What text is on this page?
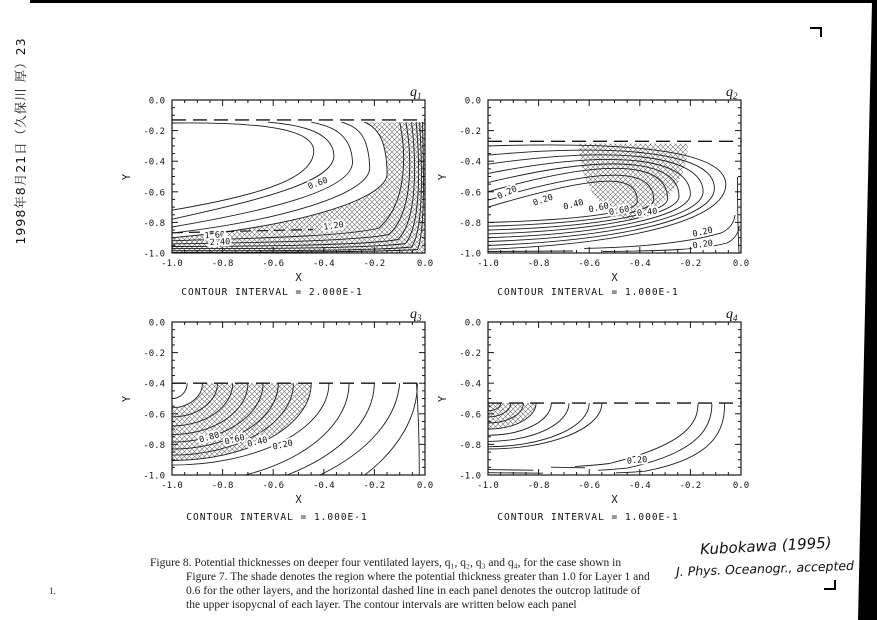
1998年8月21日（久保川 厚）23
Kubokawa (1995)
J. Phys. Oceanogr., accepted
1.
0.0
-0.2
-0.4
-0.6
-0.8
-1.0
-1.0	-0.8	-0.6	-0.4	-0.2	0.0
Y
X
$q_1$
0.60
1.20
1.60
2.40
CONTOUR INTERVAL = 2.000E-1
0.0
-0.2
-0.4
-0.6
-0.8
-1.0
-1.0	-0.8	-0.6	-0.4	-0.2	0.0
Y
X
$q_2$
0.20 0.20 0.40 0.60
0.60 0.40
0.20
0.20
CONTOUR INTERVAL = 1.000E-1
0.0
-0.2
-0.4
-0.6
-0.8
-1.0
-1.0	-0.8	-0.6	-0.4	-0.2	0.0
Y
X
$q_3$
0.80 0.60 0.40 0.20
CONTOUR INTERVAL = 1.000E-1
0.0
-0.2
-0.4
-0.6
-0.8
-1.0
-1.0	-0.8	-0.6	-0.4	-0.2	0.0
Y
X
$q_4$
0.20
CONTOUR INTERVAL = 1.000E-1
Figure 8. Potential thicknesses on deeper four ventilated layers, q₁, q₂, q₃ and q₄, for the case shown in
Figure 7. The shade denotes the region where the potential thickness greater than 1.0 for Layer 1 and
0.6 for the other layers, and the horizontal dashed line in each panel denotes the outcrop latitude of
the upper isopycnal of each layer. The contour intervals are written below each panel
